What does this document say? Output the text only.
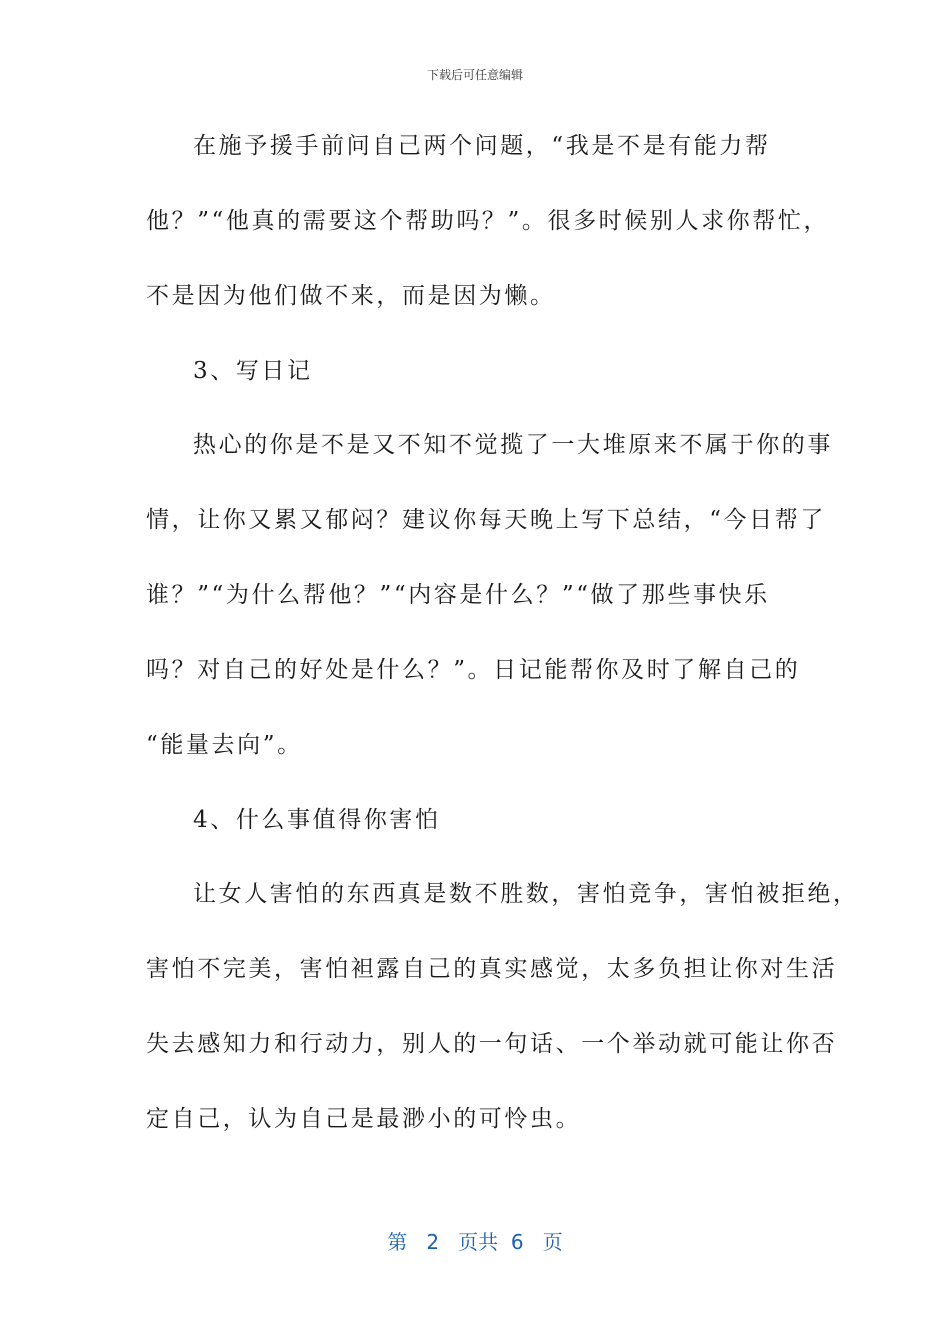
下载后可任意编辑
在施予援手前问自己两个问题，“我是不是有能力帮
他？”“他真的需要这个帮助吗？”。很多时候别人求你帮忙，
不是因为他们做不来，而是因为懒。
3、写日记
热心的你是不是又不知不觉揽了一大堆原来不属于你的事
情，让你又累又郁闷？建议你每天晚上写下总结，“今日帮了
谁？”“为什么帮他？”“内容是什么？”“做了那些事快乐
吗？对自己的好处是什么？”。日记能帮你及时了解自己的
“能量去向”。
4、什么事值得你害怕
让女人害怕的东西真是数不胜数，害怕竞争，害怕被拒绝，
害怕不完美，害怕袒露自己的真实感觉，太多负担让你对生活
失去感知力和行动力，别人的一句话、一个举动就可能让你否
定自己，认为自己是最渺小的可怜虫。
第 2 页共 6 页
